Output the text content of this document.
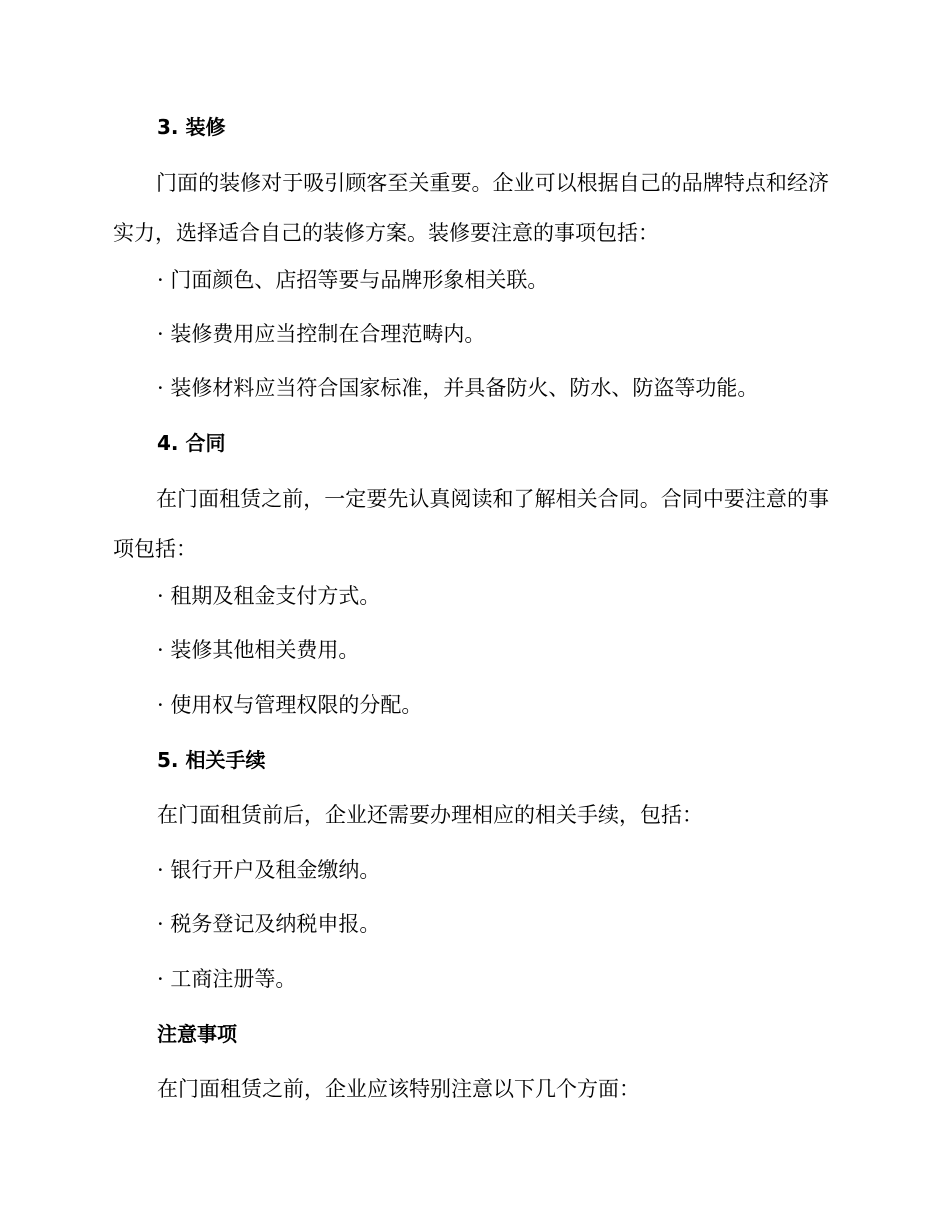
3. 装修
门面的装修对于吸引顾客至关重要。企业可以根据自己的品牌特点和经济实力，选择适合自己的装修方案。装修要注意的事项包括：
· 门面颜色、店招等要与品牌形象相关联。
· 装修费用应当控制在合理范畴内。
· 装修材料应当符合国家标准，并具备防火、防水、防盗等功能。
4. 合同
在门面租赁之前，一定要先认真阅读和了解相关合同。合同中要注意的事项包括：
· 租期及租金支付方式。
· 装修其他相关费用。
· 使用权与管理权限的分配。
5. 相关手续
在门面租赁前后，企业还需要办理相应的相关手续，包括：
· 银行开户及租金缴纳。
· 税务登记及纳税申报。
· 工商注册等。
注意事项
在门面租赁之前，企业应该特别注意以下几个方面：
